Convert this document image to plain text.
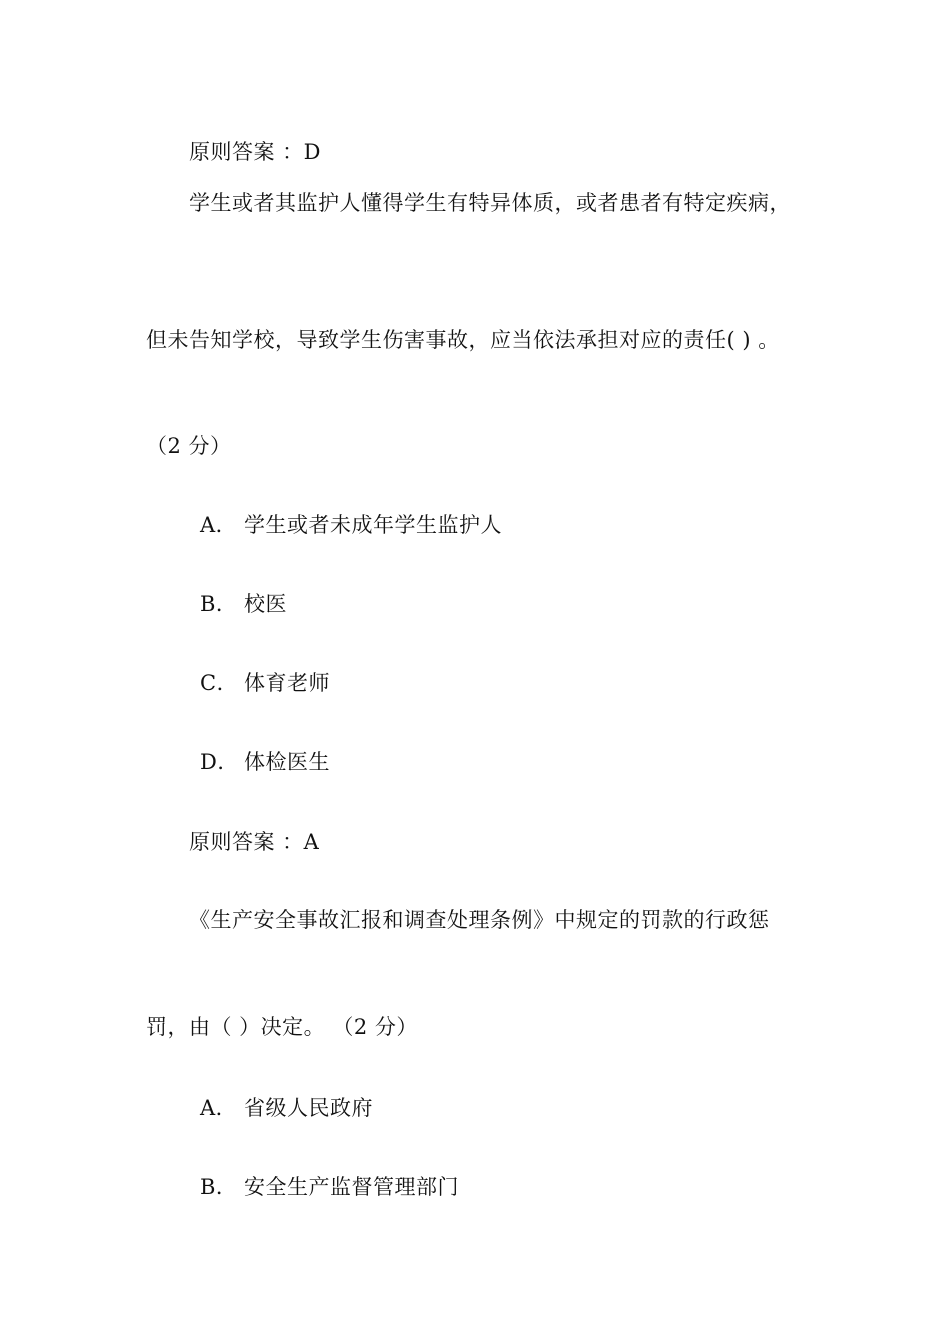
原则答案 ：D
学生或者其监护人懂得学生有特异体质，或者患者有特定疾病，
但未告知学校，导致学生伤害事故，应当依法承担对应的责任( ) 。
（2 分）
A． 学生或者未成年学生监护人
B． 校医
C． 体育老师
D． 体检医生
原则答案 ：A
《生产安全事故汇报和调查处理条例》中规定的罚款的行政惩
罚，由（ ）决定。 （2 分）
A． 省级人民政府
B． 安全生产监督管理部门
